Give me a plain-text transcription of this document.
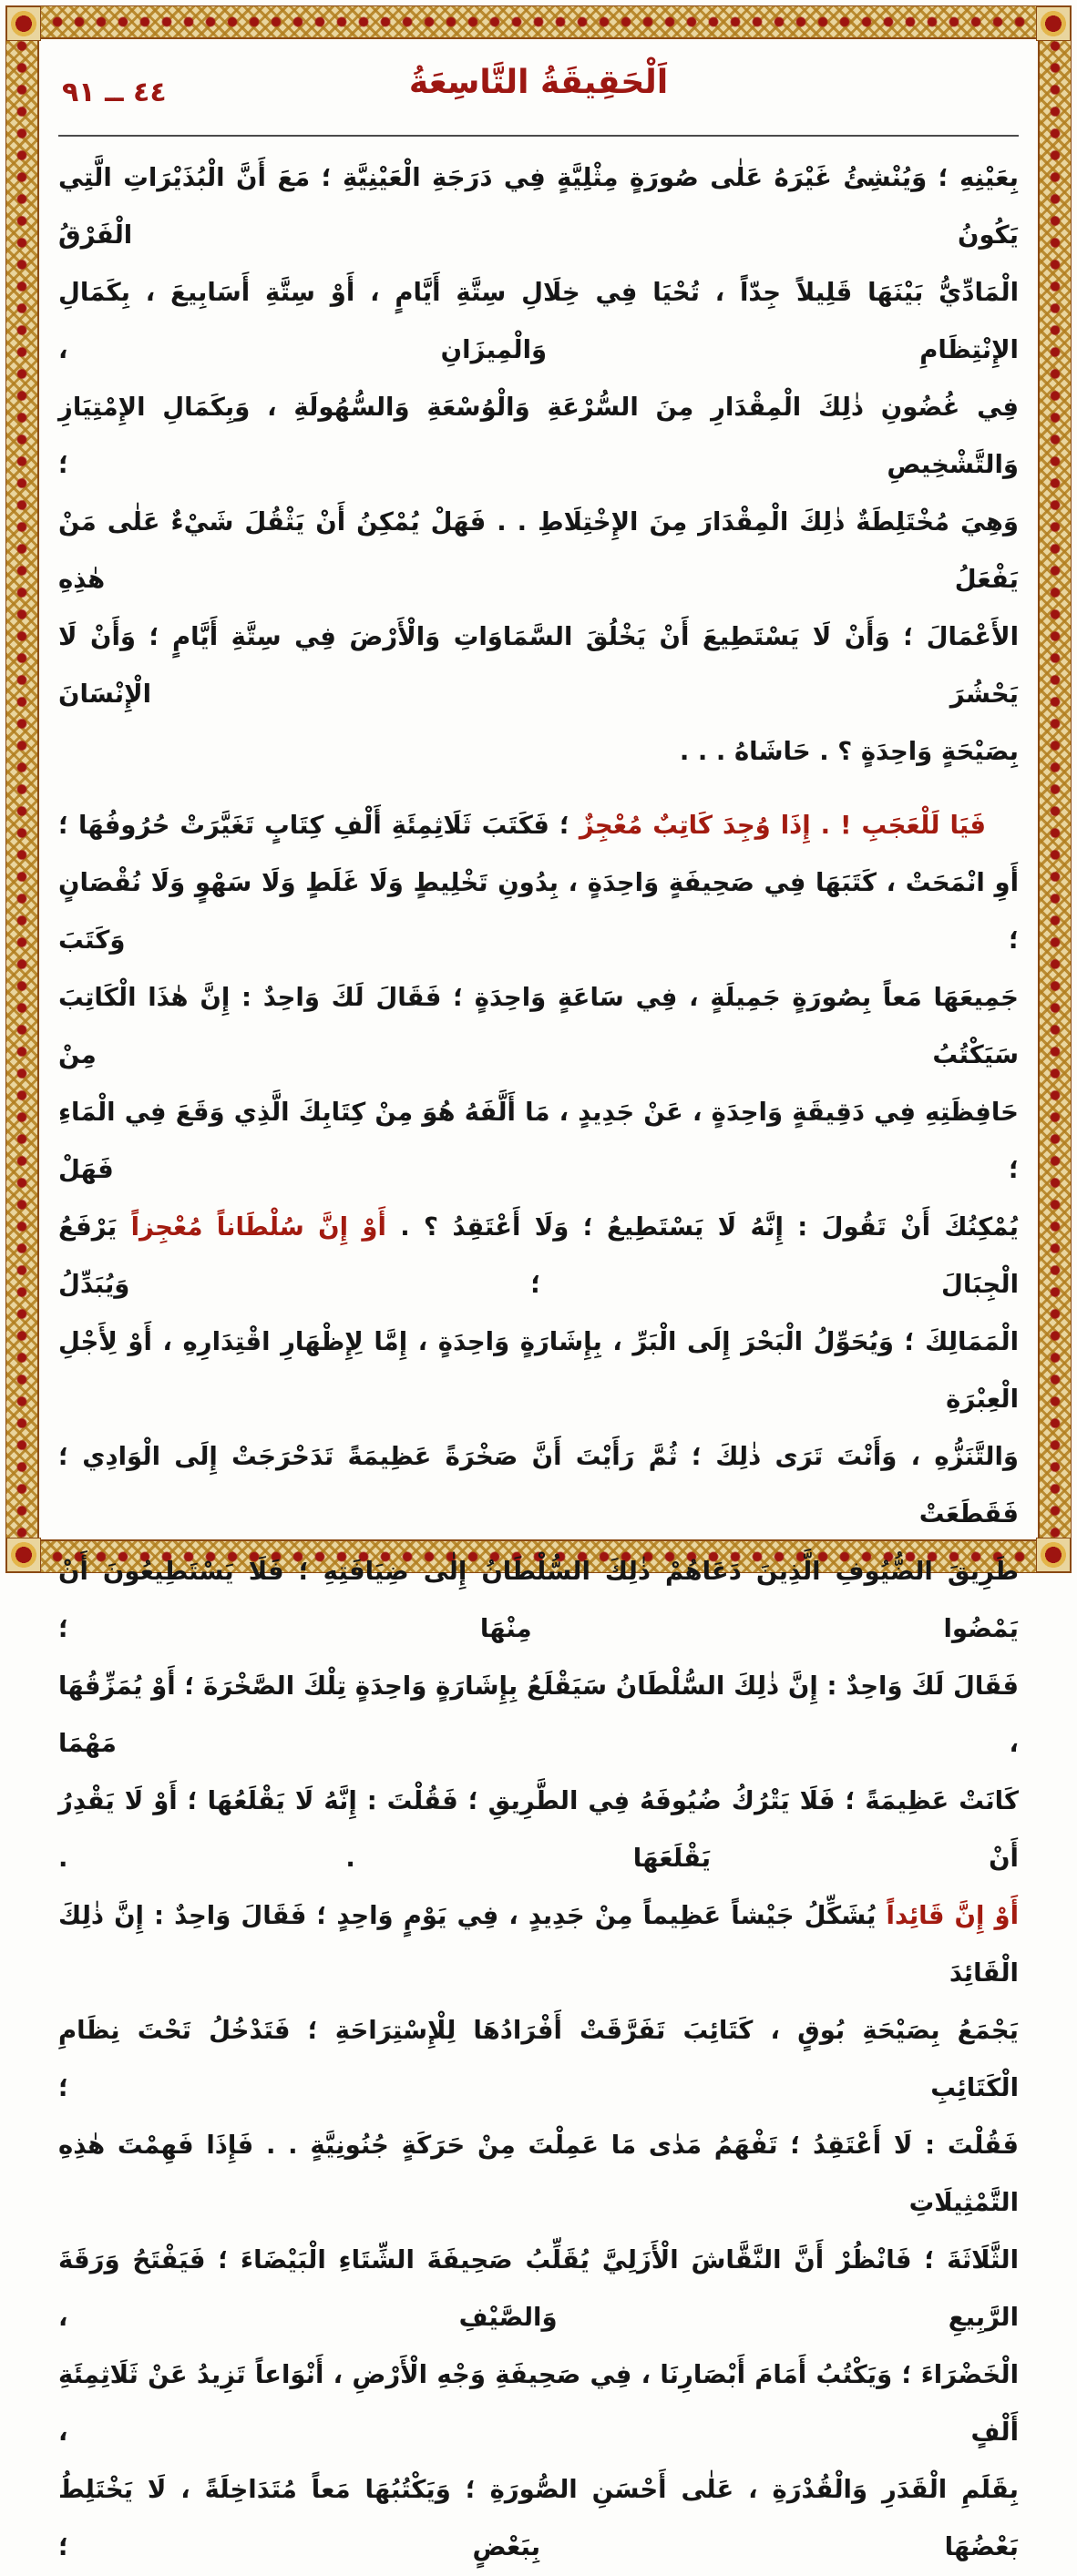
٤٤ ــ ٩١	اَلْحَقِيقَةُ التَّاسِعَةُ
بِعَيْنِهِ ؛ وَيُنْشِئُ غَيْرَهُ عَلٰى صُورَةٍ مِثْلِيَّةٍ فِي دَرَجَةِ الْعَيْنِيَّةِ ؛ مَعَ أَنَّ الْبُذَيْرَاتِ الَّتِي يَكُونُ الْفَرْقُ
الْمَادِّيُّ بَيْنَهَا قَلِيلاً جِدّاً ، تُحْيَا فِي خِلَالِ سِتَّةِ أَيَّامٍ ، أَوْ سِتَّةِ أَسَابِيعَ ، بِكَمَالِ الإِنْتِظَامِ وَالْمِيزَانِ ،
فِي غُضُونِ ذٰلِكَ الْمِقْدَارِ مِنَ السُّرْعَةِ وَالْوُسْعَةِ وَالسُّهُولَةِ ، وَبِكَمَالِ الإِمْتِيَازِ وَالتَّشْخِيصِ ؛
وَهِيَ مُخْتَلِطَةٌ ذٰلِكَ الْمِقْدَارَ مِنَ الإِخْتِلَاطِ . . فَهَلْ يُمْكِنُ أَنْ يَثْقُلَ شَيْءٌ عَلٰى مَنْ يَفْعَلُ هٰذِهِ
الأَعْمَالَ ؛ وَأَنْ لَا يَسْتَطِيعَ أَنْ يَخْلُقَ السَّمَاوَاتِ وَالْأَرْضَ فِي سِتَّةِ أَيَّامٍ ؛ وَأَنْ لَا يَحْشُرَ الْإِنْسَانَ
بِصَيْحَةٍ وَاحِدَةٍ ؟ . حَاشَاهُ . . .
فَيَا لَلْعَجَبِ ! . إِذَا وُجِدَ كَاتِبٌ مُعْجِزٌ ؛ فَكَتَبَ ثَلَاثِمِئَةِ أَلْفِ كِتَابٍ تَغَيَّرَتْ حُرُوفُهَا ؛
أَوِ انْمَحَتْ ، كَتَبَهَا فِي صَحِيفَةٍ وَاحِدَةٍ ، بِدُونِ تَخْلِيطٍ وَلَا غَلَطٍ وَلَا سَهْوٍ وَلَا نُقْصَانٍ ؛ وَكَتَبَ
جَمِيعَهَا مَعاً بِصُورَةٍ جَمِيلَةٍ ، فِي سَاعَةٍ وَاحِدَةٍ ؛ فَقَالَ لَكَ وَاحِدٌ : إِنَّ هٰذَا الْكَاتِبَ سَيَكْتُبُ مِنْ
حَافِظَتِهِ فِي دَقِيقَةٍ وَاحِدَةٍ ، عَنْ جَدِيدٍ ، مَا أَلَّفَهُ هُوَ مِنْ كِتَابِكَ الَّذِي وَقَعَ فِي الْمَاءِ ؛ فَهَلْ
يُمْكِنُكَ أَنْ تَقُولَ : إِنَّهُ لَا يَسْتَطِيعُ ؛ وَلَا أَعْتَقِدُ ؟ . أَوْ إِنَّ سُلْطَاناً مُعْجِزاً يَرْفَعُ الْجِبَالَ ؛ وَيُبَدِّلُ
الْمَمَالِكَ ؛ وَيُحَوِّلُ الْبَحْرَ إِلَى الْبَرِّ ، بِإِشَارَةٍ وَاحِدَةٍ ، إِمَّا لِإِظْهَارِ اقْتِدَارِهِ ، أَوْ لِأَجْلِ الْعِبْرَةِ
وَالتَّنَزُّهِ ، وَأَنْتَ تَرَى ذٰلِكَ ؛ ثُمَّ رَأَيْتَ أَنَّ صَخْرَةً عَظِيمَةً تَدَحْرَجَتْ إِلَى الْوَادِي ؛ فَقَطَعَتْ
طَرِيقَ الضُّيُوفِ الَّذِينَ دَعَاهُمْ ذٰلِكَ السُّلْطَانُ إِلٰى ضِيَافَتِهِ ؛ فَلَا يَسْتَطِيعُونَ أَنْ يَمْضُوا مِنْهَا ؛
فَقَالَ لَكَ وَاحِدٌ : إِنَّ ذٰلِكَ السُّلْطَانُ سَيَقْلَعُ بِإِشَارَةٍ وَاحِدَةٍ تِلْكَ الصَّخْرَةَ ؛ أَوْ يُمَزِّقُهَا ، مَهْمَا
كَانَتْ عَظِيمَةً ؛ فَلَا يَتْرُكُ ضُيُوفَهُ فِي الطَّرِيقِ ؛ فَقُلْتَ : إِنَّهُ لَا يَقْلَعُهَا ؛ أَوْ لَا يَقْدِرُ أَنْ يَقْلَعَهَا . .
أَوْ إِنَّ قَائِداً يُشَكِّلُ جَيْشاً عَظِيماً مِنْ جَدِيدٍ ، فِي يَوْمٍ وَاحِدٍ ؛ فَقَالَ وَاحِدٌ : إِنَّ ذٰلِكَ الْقَائِدَ
يَجْمَعُ بِصَيْحَةِ بُوقٍ ، كَتَائِبَ تَفَرَّقَتْ أَفْرَادُهَا لِلْإِسْتِرَاحَةِ ؛ فَتَدْخُلُ تَحْتَ نِظَامِ الْكَتَائِبِ ؛
فَقُلْتَ : لَا أَعْتَقِدُ ؛ تَفْهَمُ مَدٰى مَا عَمِلْتَ مِنْ حَرَكَةٍ جُنُونِيَّةٍ . . فَإِذَا فَهِمْتَ هٰذِهِ التَّمْثِيلَاتِ
الثَّلَاثَةَ ؛ فَانْظُرْ أَنَّ النَّقَّاشَ الْأَزَلِيَّ يُقَلِّبُ صَحِيفَةَ الشِّتَاءِ الْبَيْضَاءَ ؛ فَيَفْتَحُ وَرَقَةَ الرَّبِيعِ وَالصَّيْفِ ،
الْخَضْرَاءَ ؛ وَيَكْتُبُ أَمَامَ أَبْصَارِنَا ، فِي صَحِيفَةِ وَجْهِ الْأَرْضِ ، أَنْوَاعاً تَزِيدُ عَنْ ثَلَاثِمِئَةِ أَلْفٍ ،
بِقَلَمِ الْقَدَرِ وَالْقُدْرَةِ ، عَلٰى أَحْسَنِ الصُّورَةِ ؛ وَيَكْتُبُهَا مَعاً مُتَدَاخِلَةً ، لَا يَخْتَلِطُ بَعْضُهَا بِبَعْضٍ ؛
